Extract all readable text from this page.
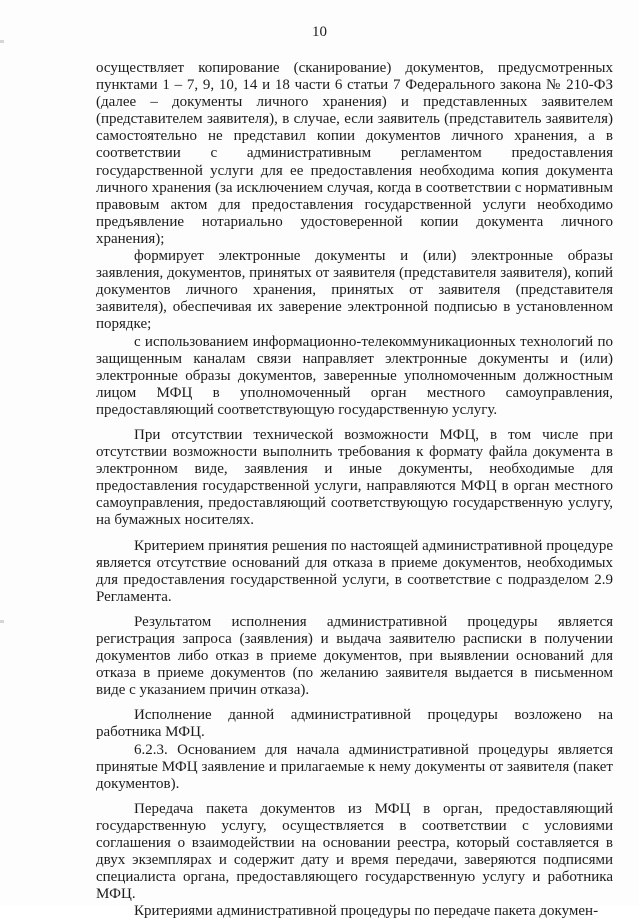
10

осуществляет копирование (сканирование) документов, предусмотренных пунктами 1 – 7, 9, 10, 14 и 18 части 6 статьи 7 Федерального закона № 210-ФЗ (далее – документы личного хранения) и представленных заявителем (представителем заявителя), в случае, если заявитель (представитель заявителя) самостоятельно не представил копии документов личного хранения, а в соответствии с административным регламентом предоставления государственной услуги для ее предоставления необходима копия документа личного хранения (за исключением случая, когда в соответствии с нормативным правовым актом для предоставления государственной услуги необходимо предъявление нотариально удостоверенной копии документа личного хранения);

формирует электронные документы и (или) электронные образы заявления, документов, принятых от заявителя (представителя заявителя), копий документов личного хранения, принятых от заявителя (представителя заявителя), обеспечивая их заверение электронной подписью в установленном порядке;

с использованием информационно-телекоммуникационных технологий по защищенным каналам связи направляет электронные документы и (или) электронные образы документов, заверенные уполномоченным должностным лицом МФЦ в уполномоченный орган местного самоуправления, предоставляющий соответствующую государственную услугу.

При отсутствии технической возможности МФЦ, в том числе при отсутствии возможности выполнить требования к формату файла документа в электронном виде, заявления и иные документы, необходимые для предоставления государственной услуги, направляются МФЦ в орган местного самоуправления, предоставляющий соответствующую государственную услугу, на бумажных носителях.

Критерием принятия решения по настоящей административной процедуре является отсутствие оснований для отказа в приеме документов, необходимых для предоставления государственной услуги, в соответствие с подразделом 2.9 Регламента.

Результатом исполнения административной процедуры является регистрация запроса (заявления) и выдача заявителю расписки в получении документов либо отказ в приеме документов, при выявлении оснований для отказа в приеме документов (по желанию заявителя выдается в письменном виде с указанием причин отказа).

Исполнение данной административной процедуры возложено на работника МФЦ.

6.2.3. Основанием для начала административной процедуры является принятые МФЦ заявление и прилагаемые к нему документы от заявителя (пакет документов).

Передача пакета документов из МФЦ в орган, предоставляющий государственную услугу, осуществляется в соответствии с условиями соглашения о взаимодействии на основании реестра, который составляется в двух экземплярах и содержит дату и время передачи, заверяются подписями специалиста органа, предоставляющего государственную услугу и работника МФЦ.

Критериями административной процедуры по передаче пакета докумен-
